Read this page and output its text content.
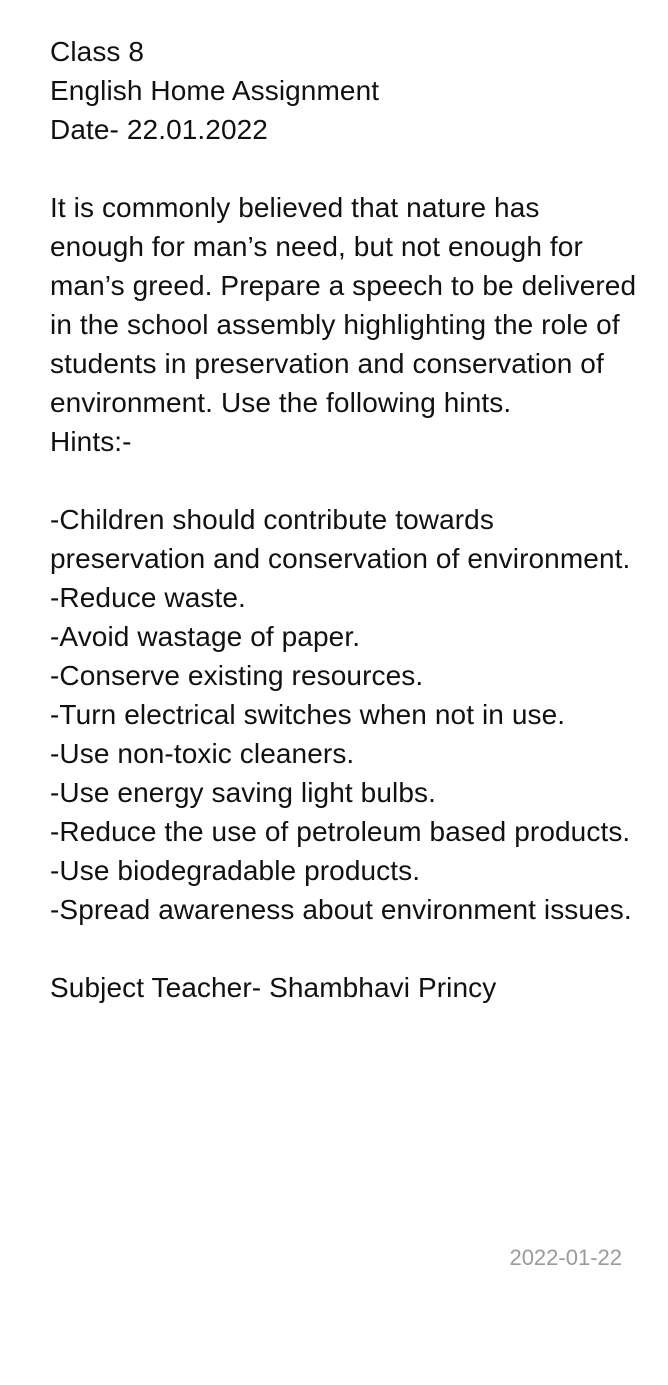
Class 8
English Home Assignment
Date- 22.01.2022
It is commonly believed that nature has enough for man’s need, but not enough for man’s greed. Prepare a speech to be delivered in the school assembly highlighting the role of students in preservation and conservation of environment. Use the following hints.
Hints:-
-Children should contribute towards preservation and conservation of environment.
-Reduce waste.
-Avoid wastage of paper.
-Conserve existing resources.
-Turn electrical switches when not in use.
-Use non-toxic cleaners.
-Use energy saving light bulbs.
-Reduce the use of petroleum based products.
-Use biodegradable products.
-Spread awareness about environment issues.
Subject Teacher- Shambhavi Princy
2022-01-22
